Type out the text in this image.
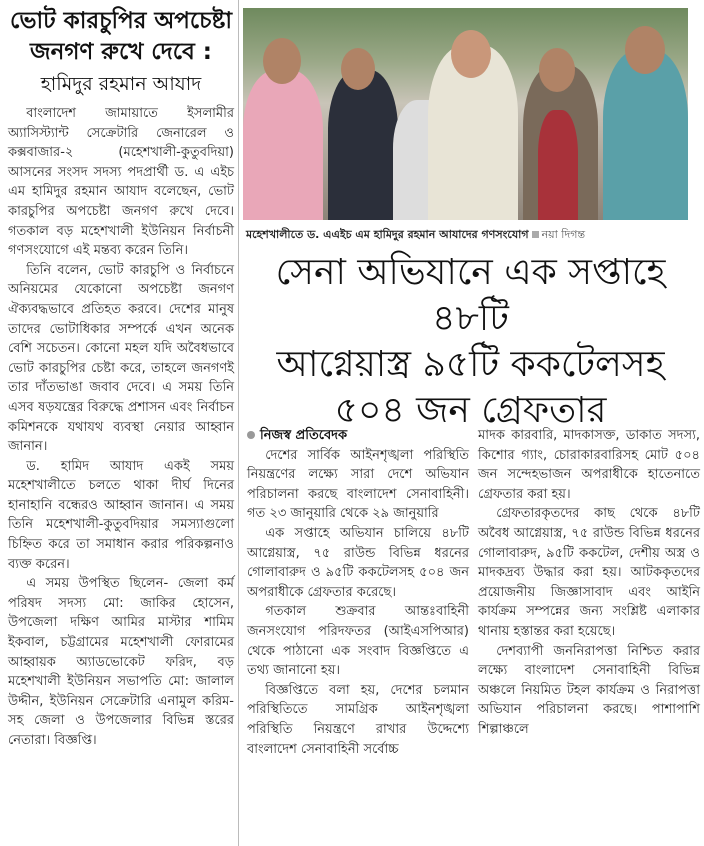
ভোট কারচুপির অপচেষ্টা জনগণ রুখে দেবে : হামিদুর রহমান আযাদ

বাংলাদেশ জামায়াতে ইসলামীর অ্যাসিস্ট্যান্ট সেক্রেটারি জেনারেল ও কক্সবাজার-২ (মহেশখালী-কুতুবদিয়া) আসনের সংসদ সদস্য পদপ্রার্থী ড. এ এইচ এম হামিদুর রহমান আযাদ বলেছেন, ভোট কারচুপির অপচেষ্টা জনগণ রুখে দেবে। গতকাল বড় মহেশখালী ইউনিয়ন নির্বাচনী গণসংযোগে এই মন্তব্য করেন তিনি।

তিনি বলেন, ভোট কারচুপি ও নির্বাচনে অনিয়মের যেকোনো অপচেষ্টা জনগণ ঐক্যবদ্ধভাবে প্রতিহত করবে। দেশের মানুষ তাদের ভোটাধিকার সম্পর্কে এখন অনেক বেশি সচেতন। কোনো মহল যদি অবৈধভাবে ভোট কারচুপির চেষ্টা করে, তাহলে জনগণই তার দাঁতভাঙা জবাব দেবে। এ সময় তিনি এসব ষড়যন্ত্রের বিরুদ্ধে প্রশাসন এবং নির্বাচন কমিশনকে যথাযথ ব্যবস্থা নেয়ার আহ্বান জানান।

ড. হামিদ আযাদ একই সময় মহেশখালীতে চলতে থাকা দীর্ঘ দিনের হানাহানি বন্ধেরও আহ্বান জানান। এ সময় তিনি মহেশখালী-কুতুবদিয়ার সমস্যাগুলো চিহ্নিত করে তা সমাধান করার পরিকল্পনাও ব্যক্ত করেন।

এ সময় উপস্থিত ছিলেন- জেলা কর্ম পরিষদ সদস্য মো: জাকির হোসেন, উপজেলা দক্ষিণ আমির মাস্টার শামিম ইকবাল, চট্টগ্রামের মহেশখালী ফোরামের আহ্বায়ক অ্যাডভোকেট ফরিদ, বড় মহেশখালী ইউনিয়ন সভাপতি মো: জালাল উদ্দীন, ইউনিয়ন সেক্রেটারি এনামুল করিম-সহ জেলা ও উপজেলার বিভিন্ন স্তরের নেতারা। বিজ্ঞপ্তি।

মহেশখালীতে ড. এএইচ এম হামিদুর রহমান আযাদের গণসংযোগ নয়া দিগন্ত
সেনা অভিযানে এক সপ্তাহে ৪৮টি
আগ্নেয়াস্ত্র ৯৫টি ককটেলসহ
৫০৪ জন গ্রেফতার
নিজস্ব প্রতিবেদক

দেশের সার্বিক আইনশৃঙ্খলা পরিস্থিতি নিয়ন্ত্রণের লক্ষ্যে সারা দেশে অভিযান পরিচালনা করছে বাংলাদেশ সেনাবাহিনী। গত ২৩ জানুয়ারি থেকে ২৯ জানুয়ারি

এক সপ্তাহে অভিযান চালিয়ে ৪৮টি আগ্নেয়াস্ত্র, ৭৫ রাউন্ড বিভিন্ন ধরনের গোলাবারুদ ও ৯৫টি ককটেলসহ ৫০৪ জন অপরাধীকে গ্রেফতার করেছে।

গতকাল শুক্রবার আন্তঃবাহিনী জনসংযোগ পরিদফতর (আইএসপিআর) থেকে পাঠানো এক সংবাদ বিজ্ঞপ্তিতে এ তথ্য জানানো হয়।

বিজ্ঞপ্তিতে বলা হয়, দেশের চলমান পরিস্থিতিতে সামগ্রিক আইনশৃঙ্খলা পরিস্থিতি নিয়ন্ত্রণে রাখার উদ্দেশ্যে বাংলাদেশ সেনাবাহিনী সর্বোচ্চ

মাদক কারবারি, মাদকাসক্ত, ডাকাত সদস্য, কিশোর গ্যাং, চোরাকারবারিসহ মোট ৫০৪ জন সন্দেহভাজন অপরাধীকে হাতেনাতে গ্রেফতার করা হয়।

গ্রেফতারকৃতদের কাছ থেকে ৪৮টি অবৈধ আগ্নেয়াস্ত্র, ৭৫ রাউন্ড বিভিন্ন ধরনের গোলাবারুদ, ৯৫টি ককটেল, দেশীয় অস্ত্র ও মাদকদ্রব্য উদ্ধার করা হয়। আটককৃতদের প্রয়োজনীয় জিজ্ঞাসাবাদ এবং আইনি কার্যক্রম সম্পন্নের জন্য সংশ্লিষ্ট এলাকার থানায় হস্তান্তর করা হয়েছে।

দেশব্যাপী জননিরাপত্তা নিশ্চিত করার লক্ষ্যে বাংলাদেশ সেনাবাহিনী বিভিন্ন অঞ্চলে নিয়মিত টহল কার্যক্রম ও নিরাপত্তা অভিযান পরিচালনা করছে। পাশাপাশি শিল্পাঞ্চলে
